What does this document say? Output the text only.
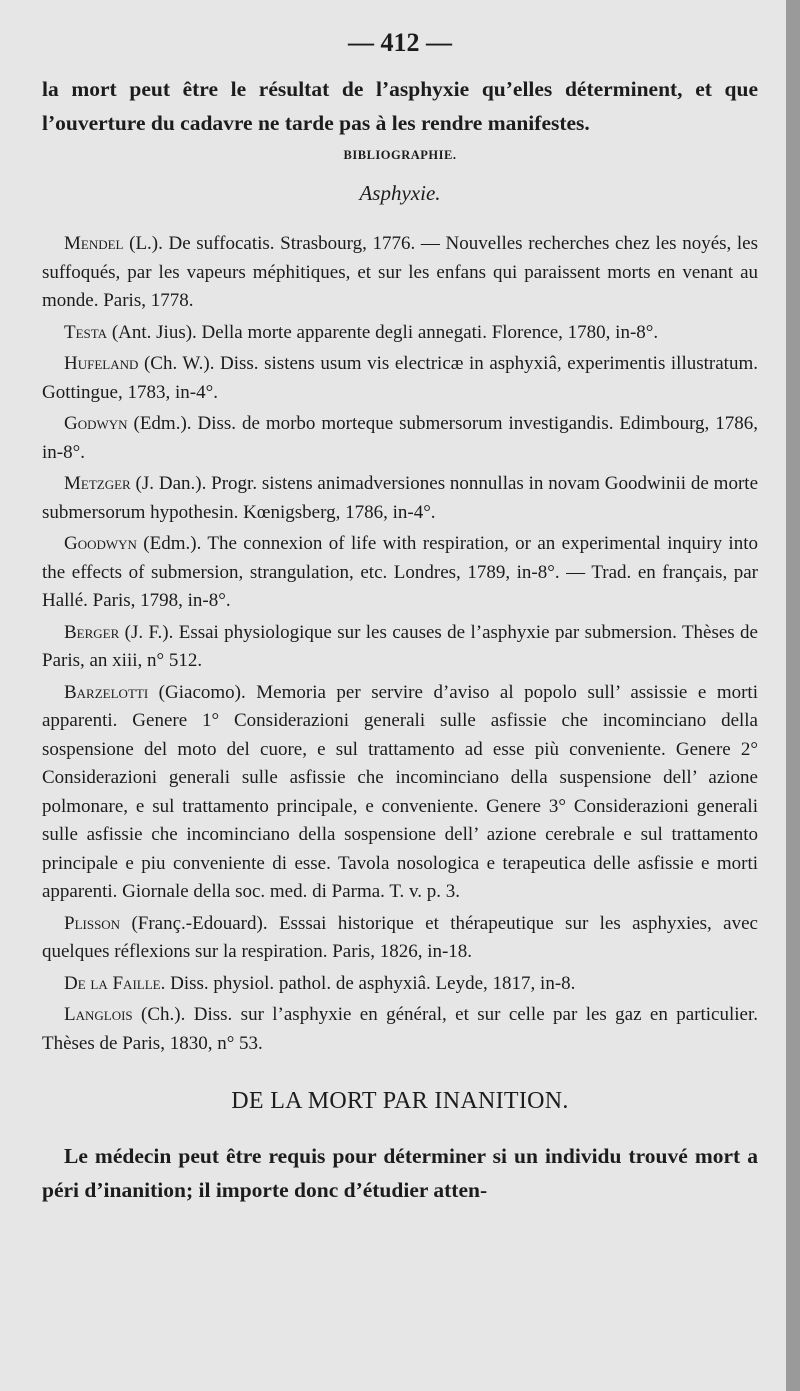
— 412 —

la mort peut être le résultat de l’asphyxie qu’elles déterminent, et que l’ouverture du cadavre ne tarde pas à les rendre manifestes.

BIBLIOGRAPHIE.
Asphyxie.

Mendel (L.). De suffocatis. Strasbourg, 1776. — Nouvelles recherches chez les noyés, les suffoqués, par les vapeurs méphitiques, et sur les enfans qui paraissent morts en venant au monde. Paris, 1778.

Testa (Ant. Jius). Della morte apparente degli annegati. Florence, 1780, in-8°.

Hufeland (Ch. W.). Diss. sistens usum vis electricæ in asphyxiâ, experimentis illustratum. Gottingue, 1783, in-4°.

Godwyn (Edm.). Diss. de morbo morteque submersorum investigandis. Edimbourg, 1786, in-8°.

Metzger (J. Dan.). Progr. sistens animadversiones nonnullas in novam Goodwinii de morte submersorum hypothesin. Kœnigsberg, 1786, in-4°.

Goodwyn (Edm.). The connexion of life with respiration, or an experimental inquiry into the effects of submersion, strangulation, etc. Londres, 1789, in-8°. — Trad. en français, par Hallé. Paris, 1798, in-8°.

Berger (J. F.). Essai physiologique sur les causes de l’asphyxie par submersion. Thèses de Paris, an xiii, n° 512.

Barzelotti (Giacomo). Memoria per servire d’aviso al popolo sull’ assissie e morti apparenti. Genere 1° Considerazioni generali sulle asfissie che incominciano della sospensione del moto del cuore, e sul trattamento ad esse più conveniente. Genere 2° Considerazioni generali sulle asfissie che incominciano della suspensione dell’ azione polmonare, e sul trattamento principale, e conveniente. Genere 3° Considerazioni generali sulle asfissie che incominciano della sospensione dell’ azione cerebrale e sul trattamento principale e piu conveniente di esse. Tavola nosologica e terapeutica delle asfissie e morti apparenti. Giornale della soc. med. di Parma. T. v. p. 3.

Plisson (Franç.-Edouard). Esssai historique et thérapeutique sur les asphyxies, avec quelques réflexions sur la respiration. Paris, 1826, in-18.

De la Faille. Diss. physiol. pathol. de asphyxiâ. Leyde, 1817, in-8.

Langlois (Ch.). Diss. sur l’asphyxie en général, et sur celle par les gaz en particulier. Thèses de Paris, 1830, n° 53.

DE LA MORT PAR INANITION.

Le médecin peut être requis pour déterminer si un individu trouvé mort a péri d’inanition; il importe donc d’étudier atten-
